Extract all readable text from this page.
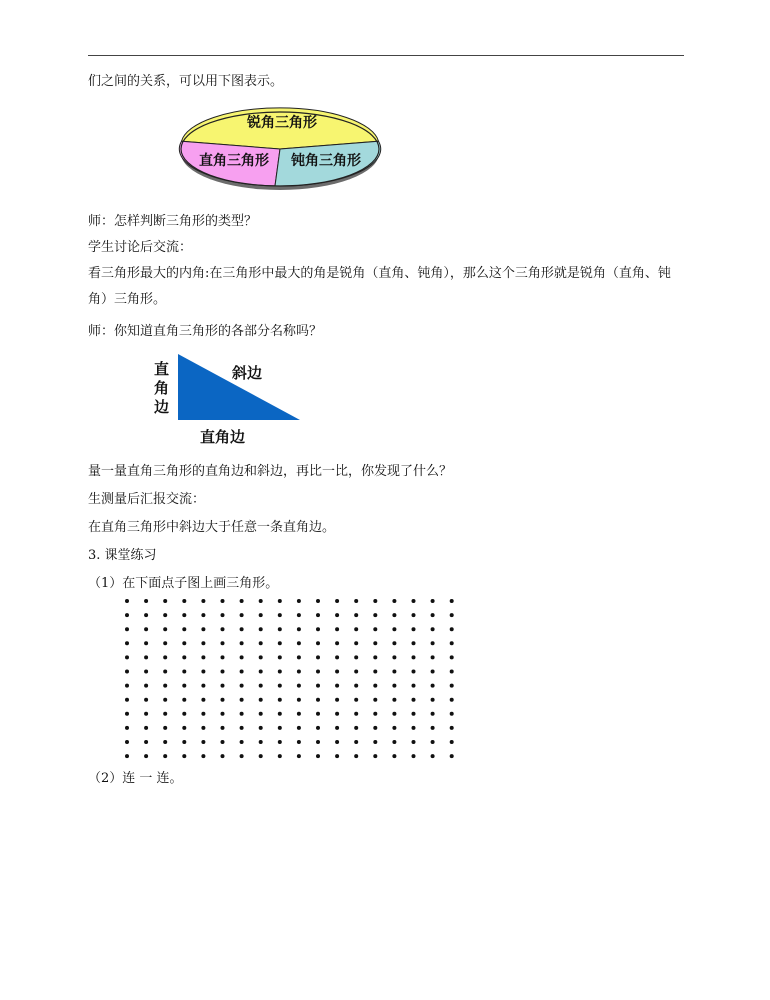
们之间的关系，可以用下图表示。
锐角三角形
直角三角形 钝角三角形
师：怎样判断三角形的类型？
学生讨论后交流：
看三角形最大的内角:在三角形中最大的角是锐角（直角、钝角），那么这个三角形就是锐角（直角、钝角）三角形。
师：你知道直角三角形的各部分名称吗？
直
角
边
斜边
直角边
量一量直角三角形的直角边和斜边，再比一比，你发现了什么？
生测量后汇报交流：
在直角三角形中斜边大于任意一条直角边。
3. 课堂练习
（1）在下面点子图上画三角形。
（2）连 一 连。
